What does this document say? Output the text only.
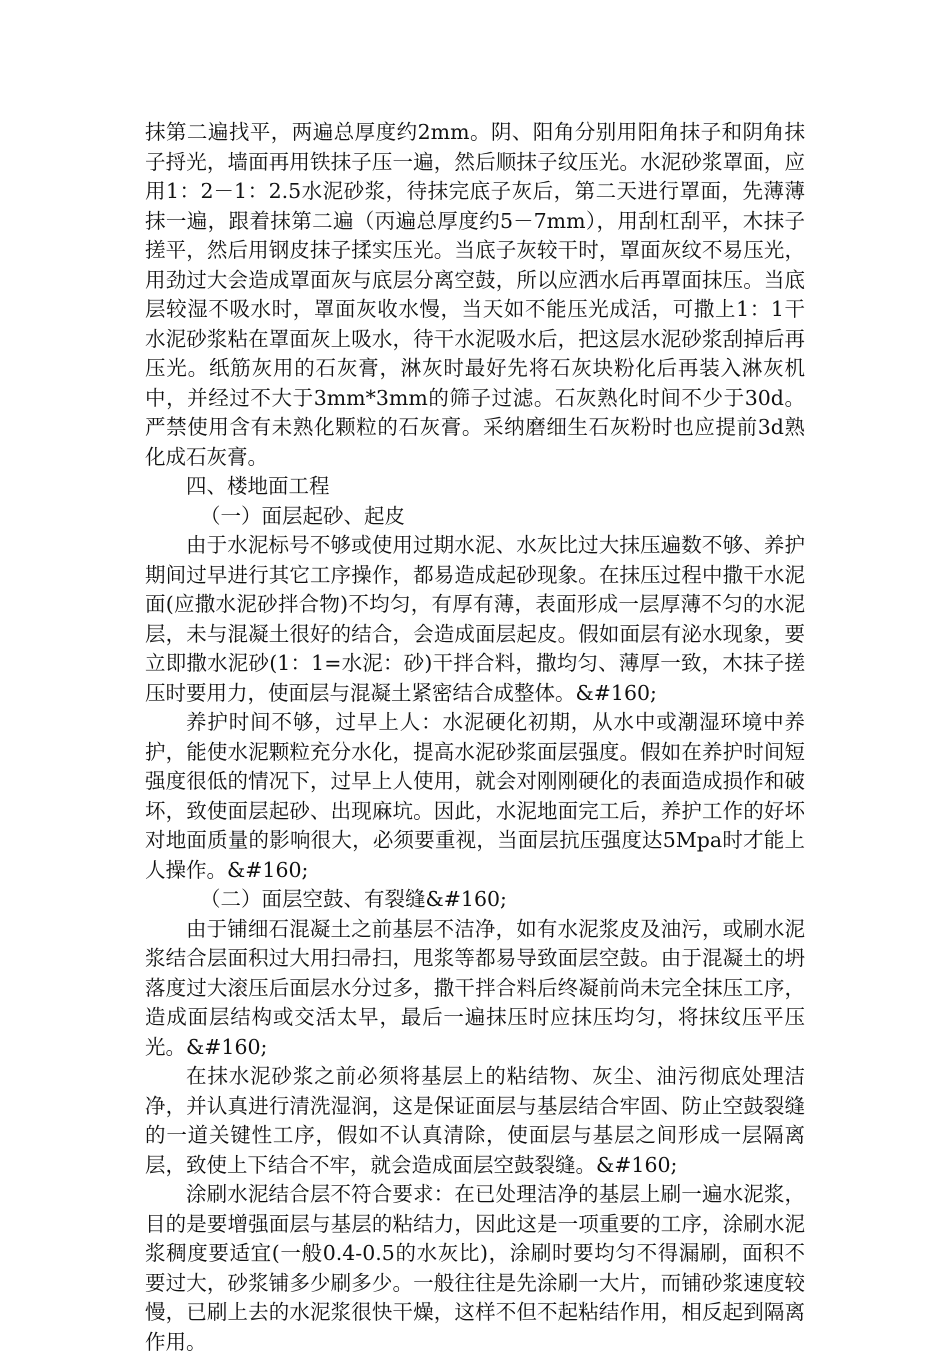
抹第二遍找平，两遍总厚度约2mm。阴、阳角分别用阳角抹子和阴角抹子捋光，墙面再用铁抹子压一遍，然后顺抹子纹压光。水泥砂浆罩面，应用1：2－1：2.5水泥砂浆，待抹完底子灰后，第二天进行罩面，先薄薄抹一遍，跟着抹第二遍（丙遍总厚度约5－7mm），用刮杠刮平，木抹子搓平，然后用钢皮抹子揉实压光。当底子灰较干时，罩面灰纹不易压光，用劲过大会造成罩面灰与底层分离空鼓，所以应洒水后再罩面抹压。当底层较湿不吸水时，罩面灰收水慢，当天如不能压光成活，可撒上1：1干水泥砂浆粘在罩面灰上吸水，待干水泥吸水后，把这层水泥砂浆刮掉后再压光。纸筋灰用的石灰膏，淋灰时最好先将石灰块粉化后再装入淋灰机中，并经过不大于3mm*3mm的筛子过滤。石灰熟化时间不少于30d。严禁使用含有未熟化颗粒的石灰膏。采纳磨细生石灰粉时也应提前3d熟化成石灰膏。

四、楼地面工程

（一）面层起砂、起皮

由于水泥标号不够或使用过期水泥、水灰比过大抹压遍数不够、养护期间过早进行其它工序操作，都易造成起砂现象。在抹压过程中撒干水泥面(应撒水泥砂拌合物)不均匀，有厚有薄，表面形成一层厚薄不匀的水泥层，未与混凝土很好的结合，会造成面层起皮。假如面层有泌水现象，要立即撒水泥砂(1：1=水泥：砂)干拌合料，撒均匀、薄厚一致，木抹子搓压时要用力，使面层与混凝土紧密结合成整体。&#160;

养护时间不够，过早上人：水泥硬化初期，从水中或潮湿环境中养护，能使水泥颗粒充分水化，提高水泥砂浆面层强度。假如在养护时间短强度很低的情况下，过早上人使用，就会对刚刚硬化的表面造成损作和破坏，致使面层起砂、出现麻坑。因此，水泥地面完工后，养护工作的好坏对地面质量的影响很大，必须要重视，当面层抗压强度达5Mpa时才能上人操作。&#160;

（二）面层空鼓、有裂缝&#160;

由于铺细石混凝土之前基层不洁净，如有水泥浆皮及油污，或刷水泥浆结合层面积过大用扫帚扫，甩浆等都易导致面层空鼓。由于混凝土的坍落度过大滚压后面层水分过多，撒干拌合料后终凝前尚未完全抹压工序，造成面层结构或交活太早，最后一遍抹压时应抹压均匀，将抹纹压平压光。&#160;

在抹水泥砂浆之前必须将基层上的粘结物、灰尘、油污彻底处理洁净，并认真进行清洗湿润，这是保证面层与基层结合牢固、防止空鼓裂缝的一道关键性工序，假如不认真清除，使面层与基层之间形成一层隔离层，致使上下结合不牢，就会造成面层空鼓裂缝。&#160;

涂刷水泥结合层不符合要求：在已处理洁净的基层上刷一遍水泥浆，目的是要增强面层与基层的粘结力，因此这是一项重要的工序，涂刷水泥浆稠度要适宜(一般0.4-0.5的水灰比)，涂刷时要均匀不得漏刷，面积不要过大，砂浆铺多少刷多少。一般往往是先涂刷一大片，而铺砂浆速度较慢，已刷上去的水泥浆很快干燥，这样不但不起粘结作用，相反起到隔离作用。
